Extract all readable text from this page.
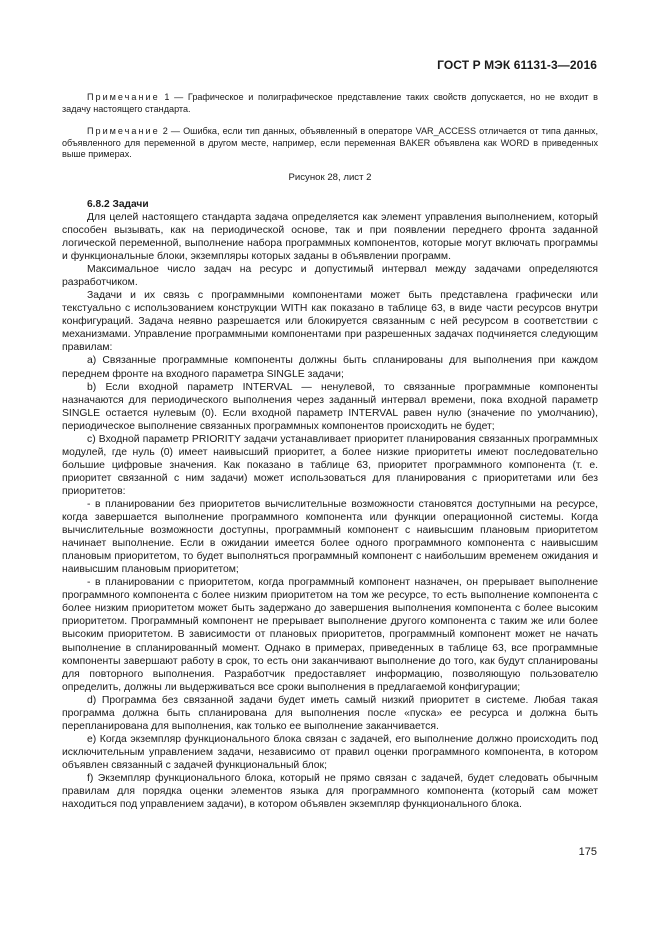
ГОСТ Р МЭК 61131-3—2016
Примечание 1 — Графическое и полиграфическое представление таких свойств допускается, но не входит в задачу настоящего стандарта.
Примечание 2 — Ошибка, если тип данных, объявленный в операторе VAR_ACCESS отличается от типа данных, объявленного для переменной в другом месте, например, если переменная BAKER объявлена как WORD в приведенных выше примерах.
Рисунок 28, лист 2
6.8.2 Задачи

Для целей настоящего стандарта задача определяется как элемент управления выполнением, который способен вызывать, как на периодической основе, так и при появлении переднего фронта заданной логической переменной, выполнение набора программных компонентов, которые могут включать программы и функциональные блоки, экземпляры которых заданы в объявлении программ.

Максимальное число задач на ресурс и допустимый интервал между задачами определяются разработчиком.

Задачи и их связь с программными компонентами может быть представлена графически или текстуально с использованием конструкции WITH как показано в таблице 63, в виде части ресурсов внутри конфигураций. Задача неявно разрешается или блокируется связанным с ней ресурсом в соответствии с механизмами. Управление программными компонентами при разрешенных задачах подчиняется следующим правилам:

a) Связанные программные компоненты должны быть спланированы для выполнения при каждом переднем фронте на входного параметра SINGLE задачи;

b) Если входной параметр INTERVAL — ненулевой, то связанные программные компоненты назначаются для периодического выполнения через заданный интервал времени, пока входной параметр SINGLE остается нулевым (0). Если входной параметр INTERVAL равен нулю (значение по умолчанию), периодическое выполнение связанных программных компонентов происходить не будет;

c) Входной параметр PRIORITY задачи устанавливает приоритет планирования связанных программных модулей, где нуль (0) имеет наивысший приоритет, а более низкие приоритеты имеют последовательно большие цифровые значения. Как показано в таблице 63, приоритет программного компонента (т. е. приоритет связанной с ним задачи) может использоваться для планирования с приоритетами или без приоритетов:

- в планировании без приоритетов вычислительные возможности становятся доступными на ресурсе, когда завершается выполнение программного компонента или функции операционной системы. Когда вычислительные возможности доступны, программный компонент с наивысшим плановым приоритетом начинает выполнение. Если в ожидании имеется более одного программного компонента с наивысшим плановым приоритетом, то будет выполняться программный компонент с наибольшим временем ожидания и наивысшим плановым приоритетом;

- в планировании с приоритетом, когда программный компонент назначен, он прерывает выполнение программного компонента с более низким приоритетом на том же ресурсе, то есть выполнение компонента с более низким приоритетом может быть задержано до завершения выполнения компонента с более высоким приоритетом. Программный компонент не прерывает выполнение другого компонента с таким же или более высоким приоритетом. В зависимости от плановых приоритетов, программный компонент может не начать выполнение в спланированный момент. Однако в примерах, приведенных в таблице 63, все программные компоненты завершают работу в срок, то есть они заканчивают выполнение до того, как будут спланированы для повторного выполнения. Разработчик предоставляет информацию, позволяющую пользователю определить, должны ли выдерживаться все сроки выполнения в предлагаемой конфигурации;

d) Программа без связанной задачи будет иметь самый низкий приоритет в системе. Любая такая программа должна быть спланирована для выполнения после «пуска» ее ресурса и должна быть перепланирована для выполнения, как только ее выполнение заканчивается.

e) Когда экземпляр функционального блока связан с задачей, его выполнение должно происходить под исключительным управлением задачи, независимо от правил оценки программного компонента, в котором объявлен связанный с задачей функциональный блок;

f) Экземпляр функционального блока, который не прямо связан с задачей, будет следовать обычным правилам для порядка оценки элементов языка для программного компонента (который сам может находиться под управлением задачи), в котором объявлен экземпляр функционального блока.

175
